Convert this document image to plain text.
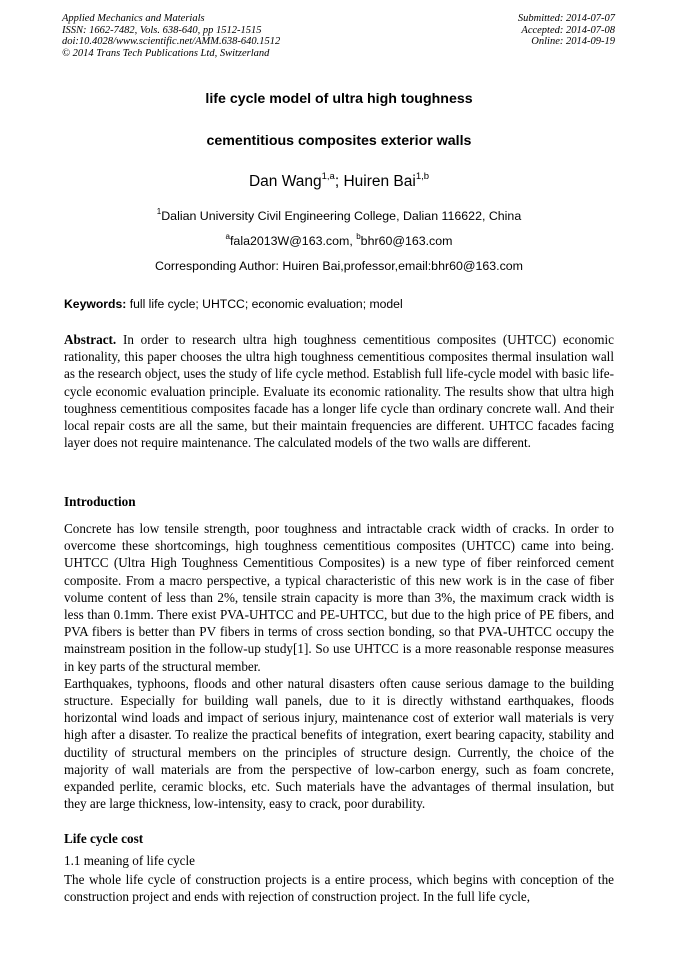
Applied Mechanics and Materials
ISSN: 1662-7482, Vols. 638-640, pp 1512-1515
doi:10.4028/www.scientific.net/AMM.638-640.1512
© 2014 Trans Tech Publications Ltd, Switzerland
Submitted: 2014-07-07
Accepted: 2014-07-08
Online: 2014-09-19
life cycle model of ultra high toughness
cementitious composites exterior walls
Dan Wang$^{1,a}$; Huiren Bai$^{1,b}$
$^1$Dalian University Civil Engineering College, Dalian 116622, China
$^a$fala2013W@163.com, $^b$bhr60@163.com
Corresponding Author: Huiren Bai,professor,email:bhr60@163.com
Keywords: full life cycle; UHTCC; economic evaluation; model

Abstract. In order to research ultra high toughness cementitious composites (UHTCC) economic rationality, this paper chooses the ultra high toughness cementitious composites thermal insulation wall as the research object, uses the study of life cycle method. Establish full life-cycle model with basic life-cycle economic evaluation principle. Evaluate its economic rationality. The results show that ultra high toughness cementitious composites facade has a longer life cycle than ordinary concrete wall. And their local repair costs are all the same, but their maintain frequencies are different. UHTCC facades facing layer does not require maintenance. The calculated models of the two walls are different.

Introduction

Concrete has low tensile strength, poor toughness and intractable crack width of cracks. In order to overcome these shortcomings, high toughness cementitious composites (UHTCC) came into being. UHTCC (Ultra High Toughness Cementitious Composites) is a new type of fiber reinforced cement composite. From a macro perspective, a typical characteristic of this new work is in the case of fiber volume content of less than 2%, tensile strain capacity is more than 3%, the maximum crack width is less than 0.1mm. There exist PVA-UHTCC and PE-UHTCC, but due to the high price of PE fibers, and PVA fibers is better than PV fibers in terms of cross section bonding, so that PVA-UHTCC occupy the mainstream position in the follow-up study[1]. So use UHTCC is a more reasonable response measures in key parts of the structural member.

Earthquakes, typhoons, floods and other natural disasters often cause serious damage to the building structure. Especially for building wall panels, due to it is directly withstand earthquakes, floods horizontal wind loads and impact of serious injury, maintenance cost of exterior wall materials is very high after a disaster. To realize the practical benefits of integration, exert bearing capacity, stability and ductility of structural members on the principles of structure design. Currently, the choice of the majority of wall materials are from the perspective of low-carbon energy, such as foam concrete, expanded perlite, ceramic blocks, etc. Such materials have the advantages of thermal insulation, but they are large thickness, low-intensity, easy to crack, poor durability.

Life cycle cost
1.1 meaning of life cycle

The whole life cycle of construction projects is a entire process, which begins with conception of the construction project and ends with rejection of construction project. In the full life cycle,
